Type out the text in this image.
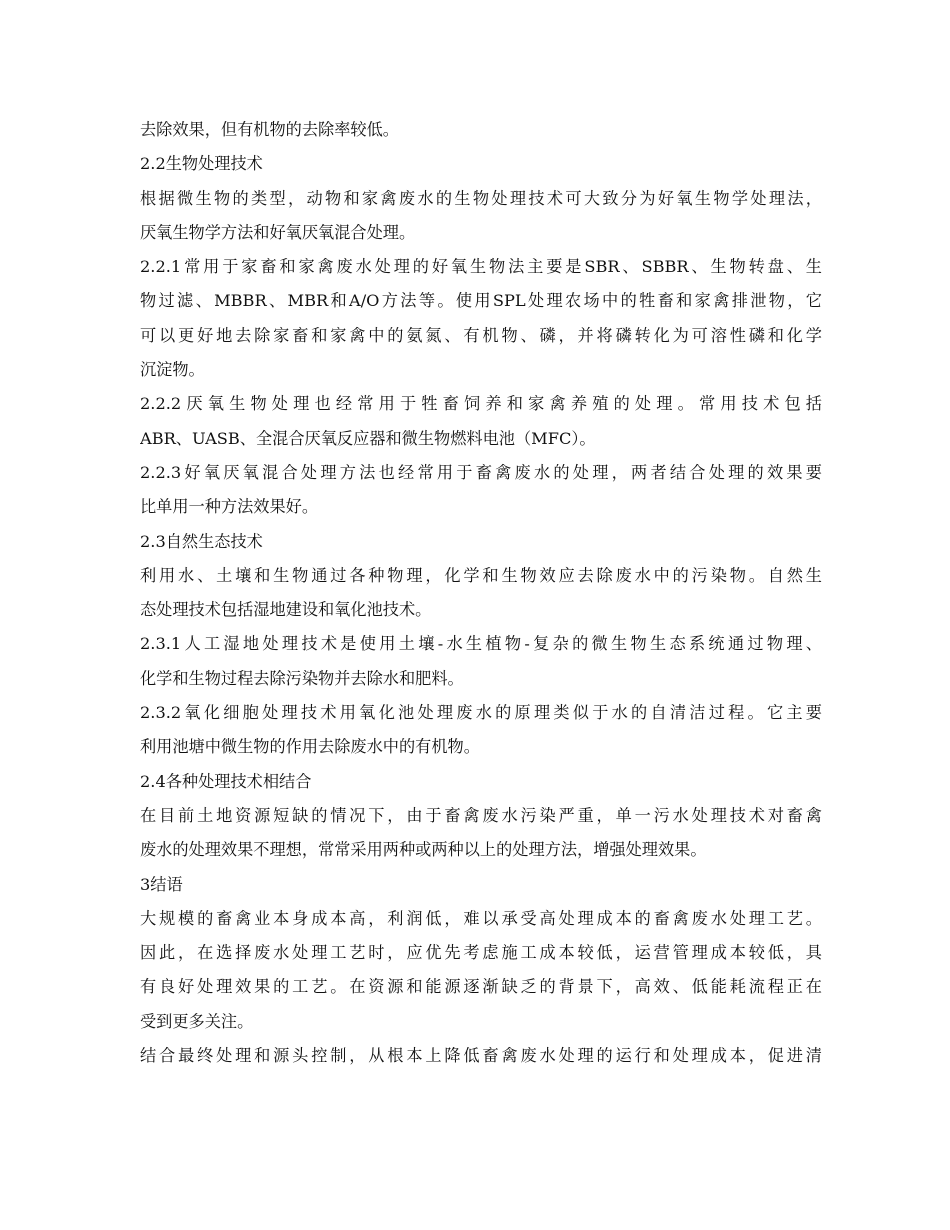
去除效果，但有机物的去除率较低。
2.2生物处理技术
根据微生物的类型，动物和家禽废水的生物处理技术可大致分为好氧生物学处理法，
厌氧生物学方法和好氧厌氧混合处理。
2.2.1常用于家畜和家禽废水处理的好氧生物法主要是SBR、SBBR、生物转盘、生
物过滤、MBBR、MBR和A/O方法等。使用SPL处理农场中的牲畜和家禽排泄物，它
可以更好地去除家畜和家禽中的氨氮、有机物、磷，并将磷转化为可溶性磷和化学
沉淀物。
2.2.2厌氧生物处理也经常用于牲畜饲养和家禽养殖的处理。常用技术包括
ABR、UASB、全混合厌氧反应器和微生物燃料电池（MFC）。
2.2.3好氧厌氧混合处理方法也经常用于畜禽废水的处理，两者结合处理的效果要
比单用一种方法效果好。
2.3自然生态技术
利用水、土壤和生物通过各种物理，化学和生物效应去除废水中的污染物。自然生
态处理技术包括湿地建设和氧化池技术。
2.3.1人工湿地处理技术是使用土壤-水生植物-复杂的微生物生态系统通过物理、
化学和生物过程去除污染物并去除水和肥料。
2.3.2氧化细胞处理技术用氧化池处理废水的原理类似于水的自清洁过程。它主要
利用池塘中微生物的作用去除废水中的有机物。
2.4各种处理技术相结合
在目前土地资源短缺的情况下，由于畜禽废水污染严重，单一污水处理技术对畜禽
废水的处理效果不理想，常常采用两种或两种以上的处理方法，增强处理效果。
3结语
大规模的畜禽业本身成本高，利润低，难以承受高处理成本的畜禽废水处理工艺。
因此，在选择废水处理工艺时，应优先考虑施工成本较低，运营管理成本较低，具
有良好处理效果的工艺。在资源和能源逐渐缺乏的背景下，高效、低能耗流程正在
受到更多关注。
结合最终处理和源头控制，从根本上降低畜禽废水处理的运行和处理成本，促进清
